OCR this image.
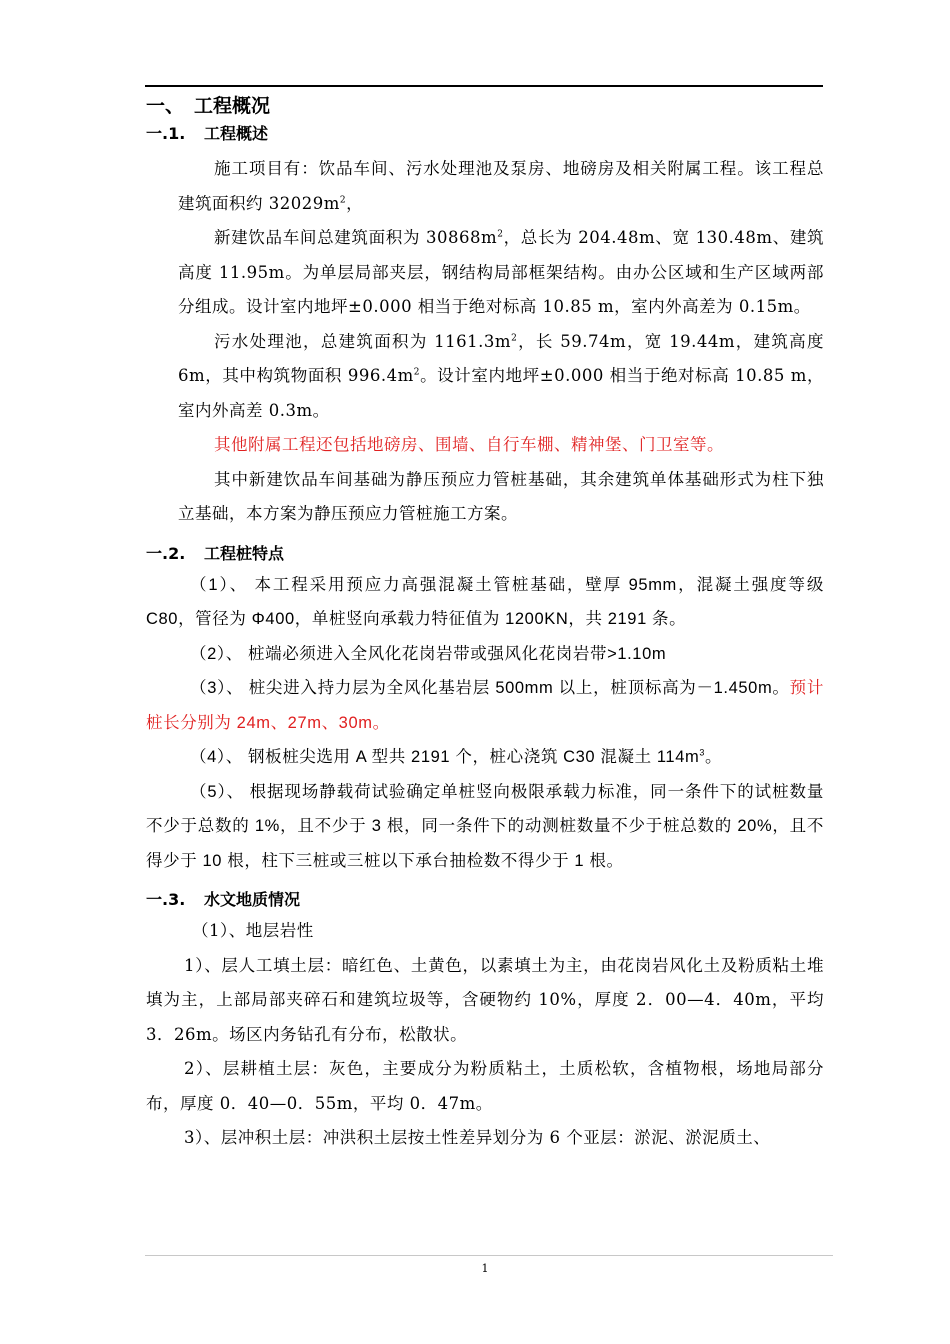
一、 工程概况
一.1. 工程概述

施工项目有：饮品车间、污水处理池及泵房、地磅房及相关附属工程。该工程总建筑面积约 $32029m^2$，

新建饮品车间总建筑面积为 $30868m^2$，总长为 204.48m、宽 130.48m、建筑高度 11.95m。为单层局部夹层，钢结构局部框架结构。由办公区域和生产区域两部分组成。设计室内地坪±0.000 相当于绝对标高 10.85 m，室内外高差为 0.15m。

污水处理池，总建筑面积为 $1161.3m^2$，长 59.74m，宽 19.44m，建筑高度 6m，其中构筑物面积 $996.4m^2$。设计室内地坪±0.000 相当于绝对标高 10.85 m，室内外高差 0.3m。

其他附属工程还包括地磅房、围墙、自行车棚、精神堡、门卫室等。

其中新建饮品车间基础为静压预应力管桩基础，其余建筑单体基础形式为柱下独立基础，本方案为静压预应力管桩施工方案。

一.2. 工程桩特点

（1）、 本工程采用预应力高强混凝土管桩基础，壁厚 95mm，混凝土强度等级 C80，管径为 Φ400，单桩竖向承载力特征值为 1200KN，共 2191 条。

（2）、 桩端必须进入全风化花岗岩带或强风化花岗岩带>1.10m

（3）、 桩尖进入持力层为全风化基岩层 500mm 以上，桩顶标高为－1.450m。预计桩长分别为 24m、27m、30m。

（4）、 钢板桩尖选用 A 型共 2191 个，桩心浇筑 C30 混凝土 $114m^3$。

（5）、 根据现场静载荷试验确定单桩竖向极限承载力标准，同一条件下的试桩数量不少于总数的 1%，且不少于 3 根，同一条件下的动测桩数量不少于桩总数的 20%，且不得少于 10 根，柱下三桩或三桩以下承台抽检数不得少于 1 根。

一.3. 水文地质情况

（1）、地层岩性

1）、层人工填土层：暗红色、土黄色，以素填土为主，由花岗岩风化土及粉质粘土堆填为主，上部局部夹碎石和建筑垃圾等，含硬物约 10%，厚度 2．00—4．40m，平均 3．26m。场区内务钻孔有分布，松散状。

2）、层耕植土层：灰色，主要成分为粉质粘土，土质松软，含植物根，场地局部分布，厚度 0．40—0．55m，平均 0．47m。

3）、层冲积土层：冲洪积土层按土性差异划分为 6 个亚层：淤泥、淤泥质土、

1
